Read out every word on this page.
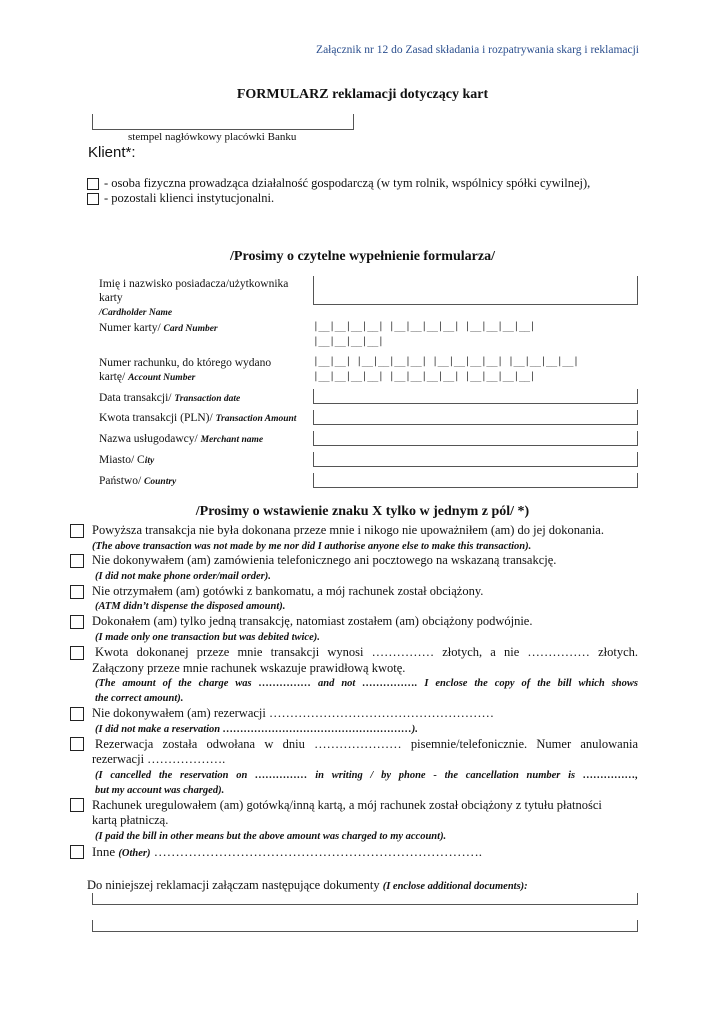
Załącznik nr 12 do Zasad składania i rozpatrywania skarg i reklamacji
FORMULARZ reklamacji dotyczący kart
stempel nagłówkowy placówki Banku
Klient*:
- osoba fizyczna prowadząca działalność gospodarczą (w tym rolnik, wspólnicy spółki cywilnej),
- pozostali klienci instytucjonalni.
/Prosimy o czytelne wypełnienie formularza/
Imię i nazwisko posiadacza/użytkownika
karty
/Cardholder Name
Numer karty/ Card Number	|__|__|__|__| |__|__|__|__| |__|__|__|__|
|__|__|__|__|
Numer rachunku, do którego wydano
kartę/ Account Number
|__|__| |__|__|__|__| |__|__|__|__| |__|__|__|__|
|__|__|__|__| |__|__|__|__| |__|__|__|__|
Data transakcji/ Transaction date
Kwota transakcji (PLN)/ Transaction Amount
Nazwa usługodawcy/ Merchant name
Miasto/ City
Państwo/ Country
/Prosimy o wstawienie znaku X tylko w jednym z pól/ *)
Powyższa transakcja nie była dokonana przeze mnie i nikogo nie upoważniłem (am) do jej dokonania.
(The above transaction was not made by me nor did I authorise anyone else to make this transaction).
Nie dokonywałem (am) zamówienia telefonicznego ani pocztowego na wskazaną transakcję.
(I did not make phone order/mail order).
Nie otrzymałem (am) gotówki z bankomatu, a mój rachunek został obciążony.
(ATM didn’t dispense the disposed amount).
Dokonałem (am) tylko jedną transakcję, natomiast zostałem (am) obciążony podwójnie.
(I made only one transaction but was debited twice).
Kwota dokonanej przeze mnie transakcji wynosi …………… złotych, a nie …………… złotych.
Załączony przeze mnie rachunek wskazuje prawidłową kwotę.
(The amount of the charge was …………… and not ……………. I enclose the copy of the bill which shows
the correct amount).
Nie dokonywałem (am) rezerwacji ………………………………………………
(I did not make a reservation ………………………………………………).
Rezerwacja została odwołana w dniu ………………… pisemnie/telefonicznie. Numer anulowania
rezerwacji ……………….
(I cancelled the reservation on …………… in writing / by phone - the cancellation number is ……………,
but my account was charged).
Rachunek uregulowałem (am) gotówką/inną kartą, a mój rachunek został obciążony z tytułu płatności
kartą płatniczą.
(I paid the bill in other means but the above amount was charged to my account).
Inne (Other) ………………………………………………………………….
Do niniejszej reklamacji załączam następujące dokumenty (I enclose additional documents):
